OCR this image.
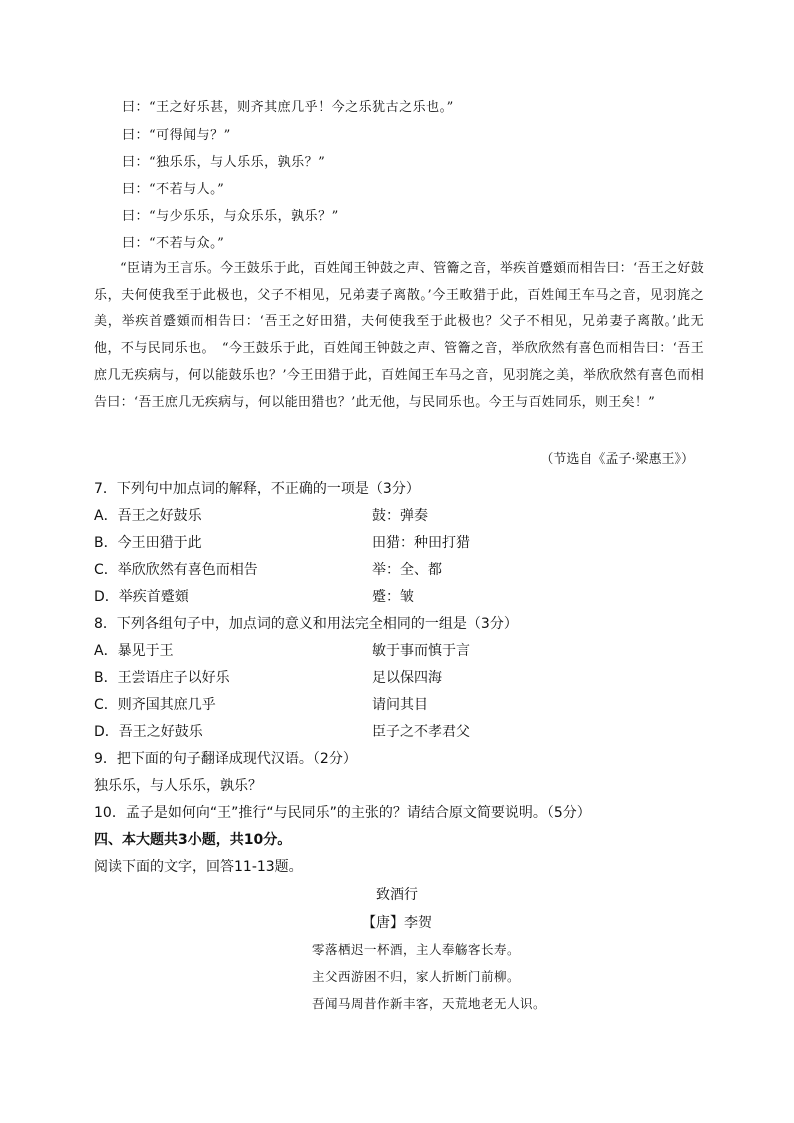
曰：“王之好乐甚，则齐其庶几乎！今之乐犹古之乐也。”
曰：“可得闻与？”
曰：“独乐乐，与人乐乐，孰乐？”
曰：“不若与人。”
曰：“与少乐乐，与众乐乐，孰乐？”
曰：“不若与众。”

“臣请为王言乐。今王鼓乐于此，百姓闻王钟鼓之声、管籥之音，举疾首蹙頞而相告曰：‘吾王之好鼓乐，夫何使我至于此极也，父子不相见，兄弟妻子离散。’今王畋猎于此，百姓闻王车马之音，见羽旄之美，举疾首蹙頞而相告曰：‘吾王之好田猎，夫何使我至于此极也？父子不相见，兄弟妻子离散。’此无他，不与民同乐也。　“今王鼓乐于此，百姓闻王钟鼓之声、管籥之音，举欣欣然有喜色而相告曰：‘吾王庶几无疾病与，何以能鼓乐也？’今王田猎于此，百姓闻王车马之音，见羽旄之美，举欣欣然有喜色而相告曰：‘吾王庶几无疾病与，何以能田猎也？’此无他，与民同乐也。今王与百姓同乐，则王矣！”

（节选自《孟子·梁惠王》）
7．下列句中加点词的解释，不正确的一项是（3分）
A．吾王之好鼓乐	鼓：弹奏
B．今王田猎于此	田猎：种田打猎
C．举欣欣然有喜色而相告	举：全、都
D．举疾首蹙頞	蹙：皱
8．下列各组句子中，加点词的意义和用法完全相同的一组是（3分）
A．暴见于王	敏于事而慎于言
B．王尝语庄子以好乐	足以保四海
C．则齐国其庶几乎	请问其目
D．吾王之好鼓乐	臣子之不孝君父
9．把下面的句子翻译成现代汉语。（2分）
独乐乐，与人乐乐，孰乐？
10．孟子是如何向“王”推行“与民同乐”的主张的？请结合原文简要说明。（5分）
四、本大题共3小题，共10分。
阅读下面的文字，回答11-13题。
致酒行
【唐】李贺
零落栖迟一杯酒，主人奉觞客长寿。
主父西游困不归，家人折断门前柳。
吾闻马周昔作新丰客，天荒地老无人识。
